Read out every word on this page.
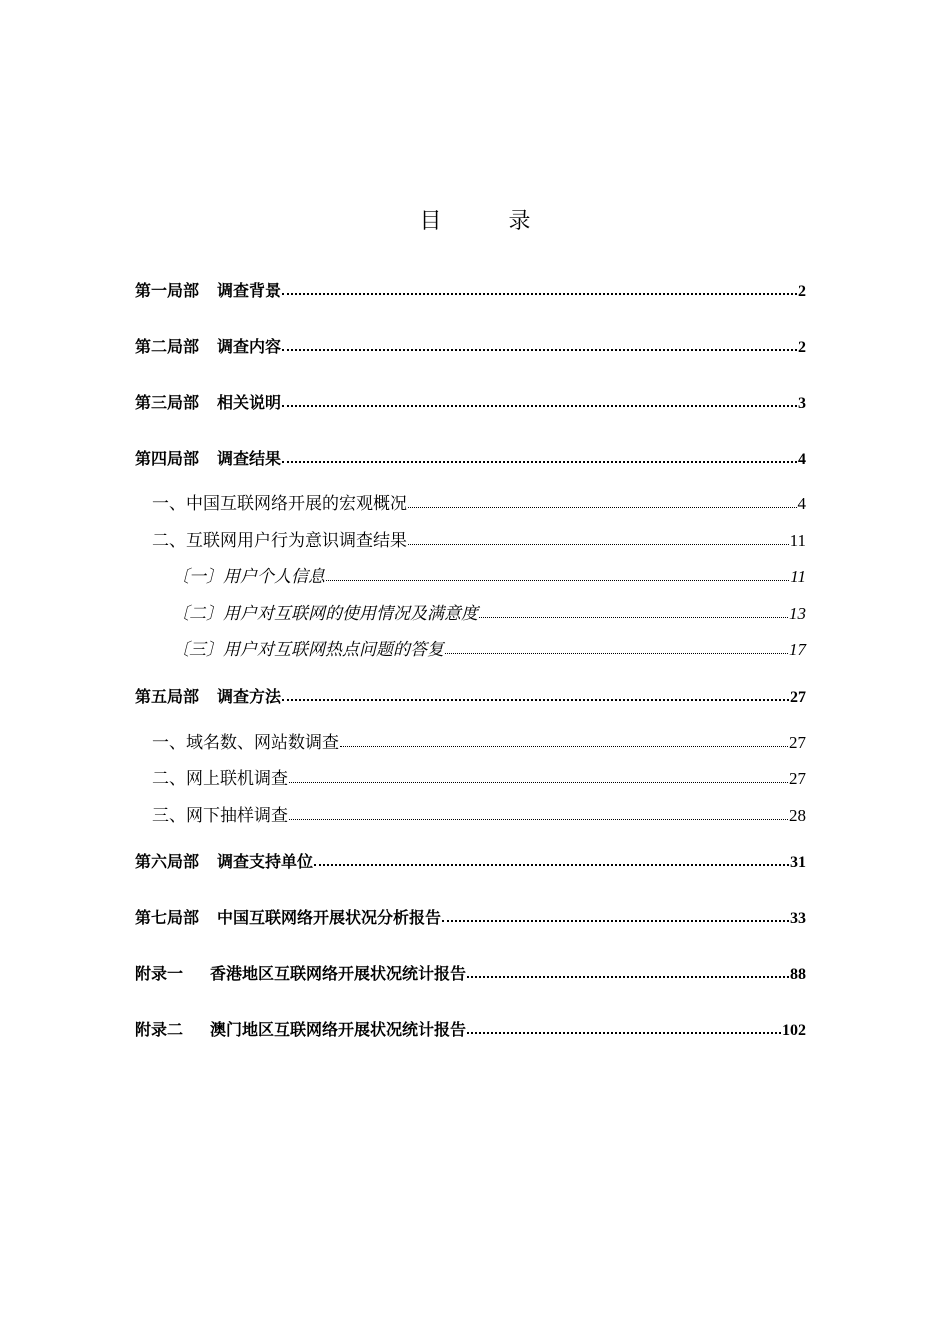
目 录
第一局部 调查背景	2
第二局部 调查内容	2
第三局部 相关说明	3
第四局部 调查结果	4
一、中国互联网络开展的宏观概况	4
二、互联网用户行为意识调查结果	11
〔一〕用户个人信息	11
〔二〕用户对互联网的使用情况及满意度	13
〔三〕用户对互联网热点问题的答复	17
第五局部 调查方法	27
一、域名数、网站数调查	27
二、网上联机调查	27
三、网下抽样调查	28
第六局部 调查支持单位	31
第七局部 中国互联网络开展状况分析报告	33
附录一 香港地区互联网络开展状况统计报告	88
附录二 澳门地区互联网络开展状况统计报告	102
